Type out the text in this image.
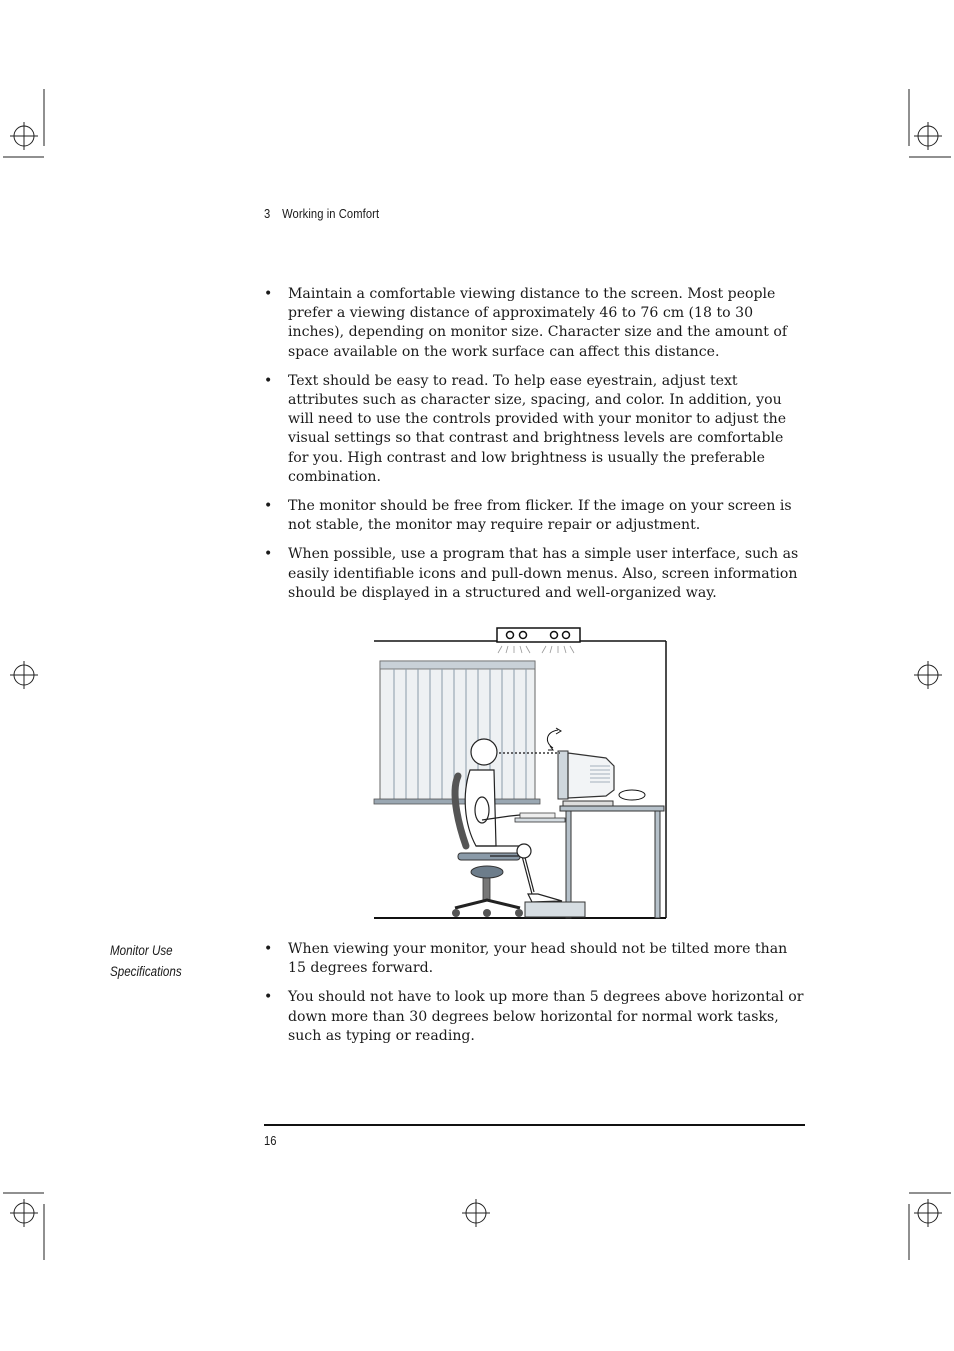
3 Working in Comfort
• Maintain a comfortable viewing distance to the screen. Most people prefer a viewing distance of approximately 46 to 76 cm (18 to 30 inches), depending on monitor size. Character size and the amount of space available on the work surface can affect this distance.
• Text should be easy to read. To help ease eyestrain, adjust text attributes such as character size, spacing, and color. In addition, you will need to use the controls provided with your monitor to adjust the visual settings so that contrast and brightness levels are comfortable for you. High contrast and low brightness is usually the preferable combination.
• The monitor should be free from flicker. If the image on your screen is not stable, the monitor may require repair or adjustment.
• When possible, use a program that has a simple user interface, such as easily identifiable icons and pull-down menus. Also, screen information should be displayed in a structured and well-organized way.
Monitor Use
Specifications
• When viewing your monitor, your head should not be tilted more than 15 degrees forward.
• You should not have to look up more than 5 degrees above horizontal or down more than 30 degrees below horizontal for normal work tasks, such as typing or reading.
16
